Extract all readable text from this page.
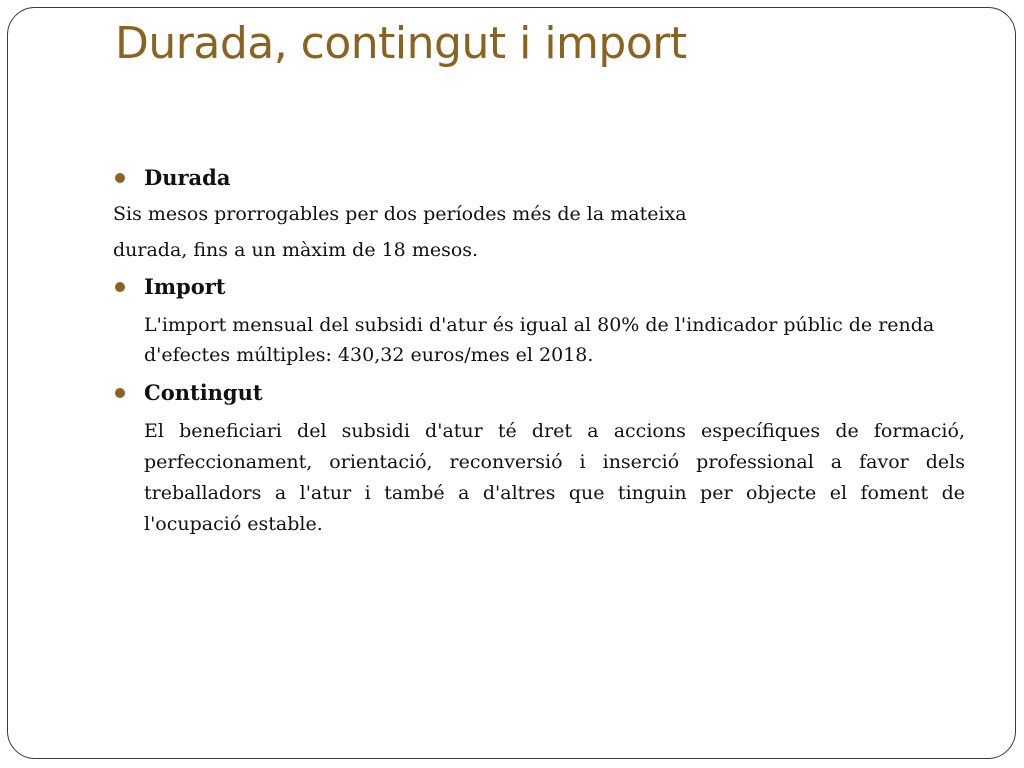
Durada, contingut i import
Durada
Sis mesos prorrogables per dos períodes més de la mateixa
durada, fins a un màxim de 18 mesos.
Import
L'import mensual del subsidi d'atur és igual al 80% de l'indicador públic de renda d'efectes múltiples: 430,32 euros/mes el 2018.
Contingut
El beneficiari del subsidi d'atur té dret a accions específiques de formació, perfeccionament, orientació, reconversió i inserció professional a favor dels treballadors a l'atur i també a d'altres que tinguin per objecte el foment de l'ocupació estable.
